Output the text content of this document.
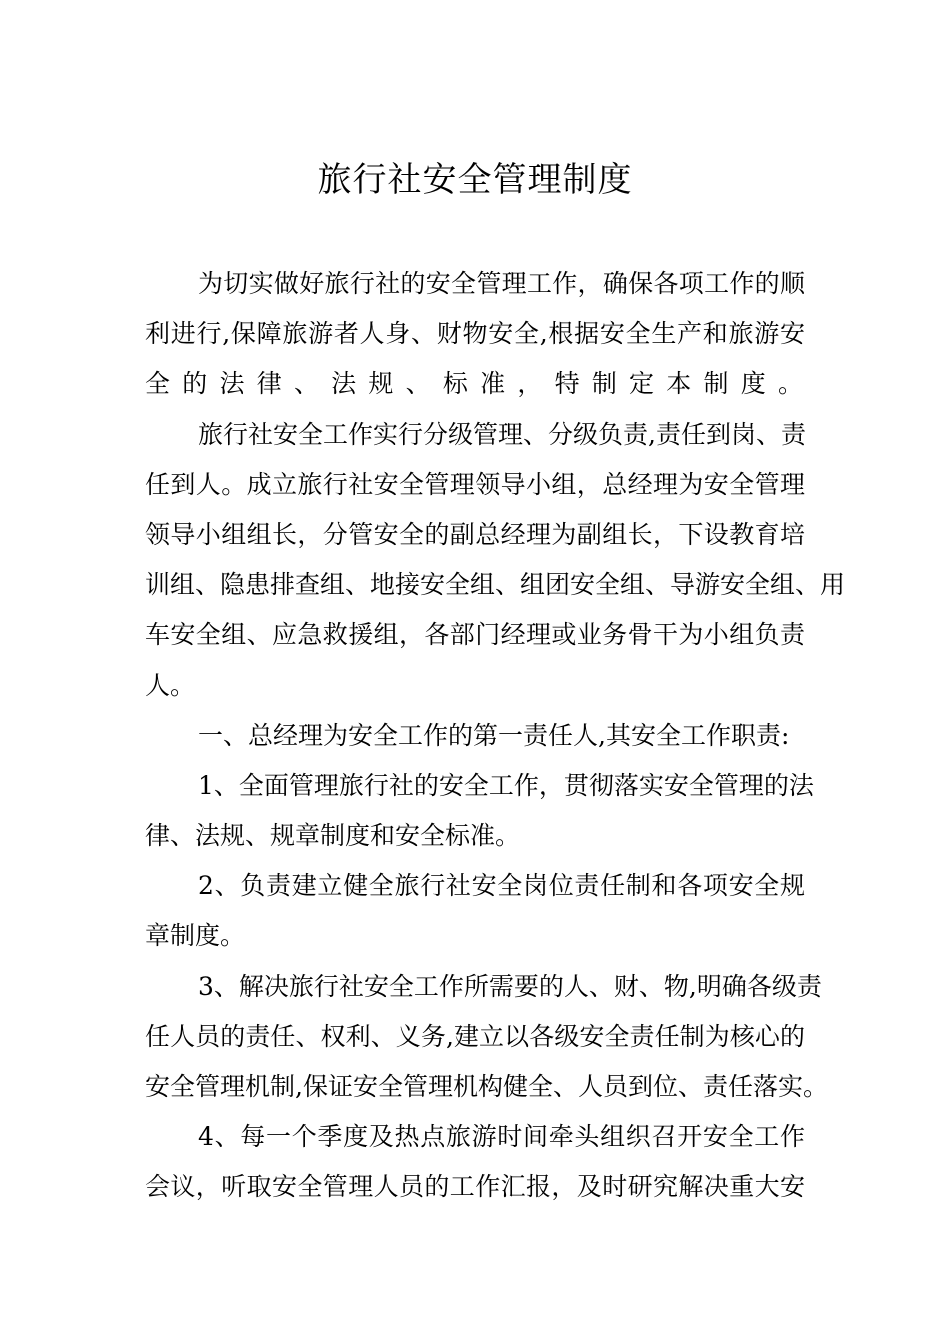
旅行社安全管理制度
为切实做好旅行社的安全管理工作，确保各项工作的顺
利进行,保障旅游者人身、财物安全,根据安全生产和旅游安
全的法律、法规、标准，特制定本制度。
旅行社安全工作实行分级管理、分级负责,责任到岗、责
任到人。成立旅行社安全管理领导小组，总经理为安全管理
领导小组组长，分管安全的副总经理为副组长，下设教育培
训组、隐患排查组、地接安全组、组团安全组、导游安全组、用
车安全组、应急救援组，各部门经理或业务骨干为小组负责
人。
一、总经理为安全工作的第一责任人,其安全工作职责:
1、全面管理旅行社的安全工作，贯彻落实安全管理的法
律、法规、规章制度和安全标准。
2、负责建立健全旅行社安全岗位责任制和各项安全规
章制度。
3、解决旅行社安全工作所需要的人、财、物,明确各级责
任人员的责任、权利、义务,建立以各级安全责任制为核心的
安全管理机制,保证安全管理机构健全、人员到位、责任落实。
4、每一个季度及热点旅游时间牵头组织召开安全工作
会议，听取安全管理人员的工作汇报，及时研究解决重大安
